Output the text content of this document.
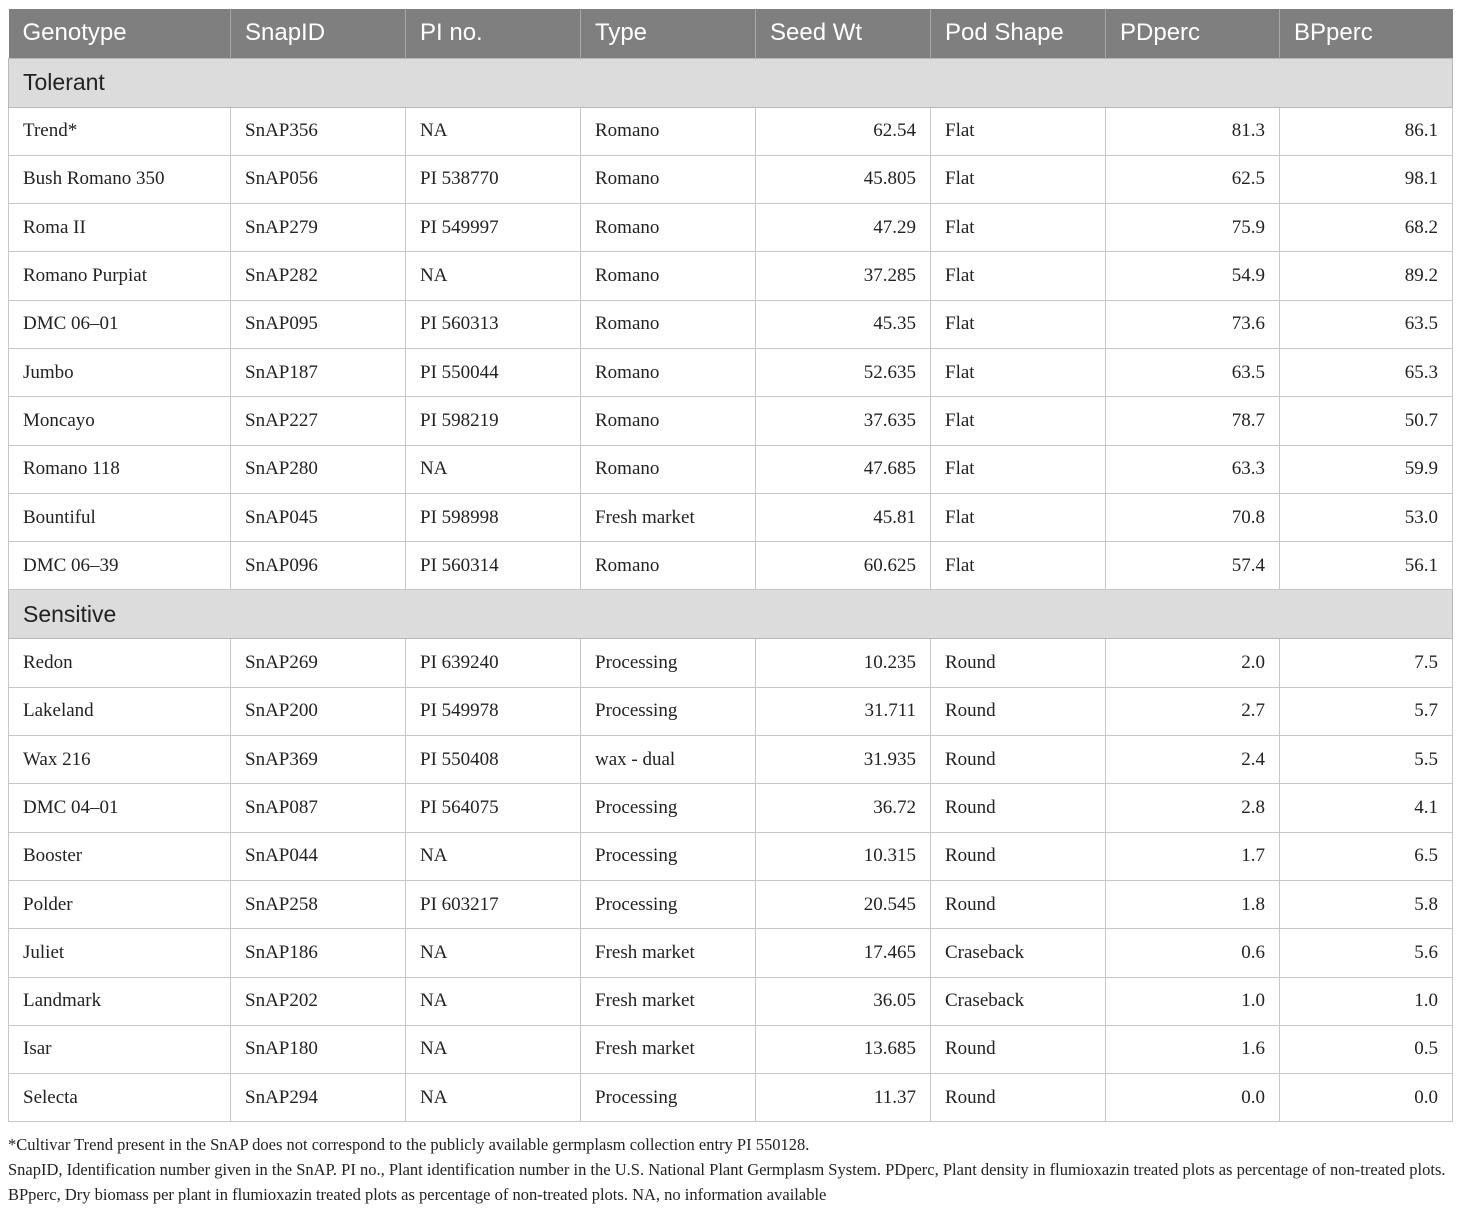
Genotype	SnapID	PI no.	Type	Seed Wt	Pod Shape	PDperc	BPperc
Tolerant							
Trend*	SnAP356	NA	Romano	62.54	Flat	81.3	86.1
Bush Romano 350	SnAP056	PI 538770	Romano	45.805	Flat	62.5	98.1
Roma II	SnAP279	PI 549997	Romano	47.29	Flat	75.9	68.2
Romano Purpiat	SnAP282	NA	Romano	37.285	Flat	54.9	89.2
DMC 06–01	SnAP095	PI 560313	Romano	45.35	Flat	73.6	63.5
Jumbo	SnAP187	PI 550044	Romano	52.635	Flat	63.5	65.3
Moncayo	SnAP227	PI 598219	Romano	37.635	Flat	78.7	50.7
Romano 118	SnAP280	NA	Romano	47.685	Flat	63.3	59.9
Bountiful	SnAP045	PI 598998	Fresh market	45.81	Flat	70.8	53.0
DMC 06–39	SnAP096	PI 560314	Romano	60.625	Flat	57.4	56.1
Sensitive							
Redon	SnAP269	PI 639240	Processing	10.235	Round	2.0	7.5
Lakeland	SnAP200	PI 549978	Processing	31.711	Round	2.7	5.7
Wax 216	SnAP369	PI 550408	wax - dual	31.935	Round	2.4	5.5
DMC 04–01	SnAP087	PI 564075	Processing	36.72	Round	2.8	4.1
Booster	SnAP044	NA	Processing	10.315	Round	1.7	6.5
Polder	SnAP258	PI 603217	Processing	20.545	Round	1.8	5.8
Juliet	SnAP186	NA	Fresh market	17.465	Craseback	0.6	5.6
Landmark	SnAP202	NA	Fresh market	36.05	Craseback	1.0	1.0
Isar	SnAP180	NA	Fresh market	13.685	Round	1.6	0.5
Selecta	SnAP294	NA	Processing	11.37	Round	0.0	0.0

*Cultivar Trend present in the SnAP does not correspond to the publicly available germplasm collection entry PI 550128.

SnapID, Identification number given in the SnAP. PI no., Plant identification number in the U.S. National Plant Germplasm System. PDperc, Plant density in flumioxazin treated plots as percentage of non-treated plots. BPperc, Dry biomass per plant in flumioxazin treated plots as percentage of non-treated plots. NA, no information available
